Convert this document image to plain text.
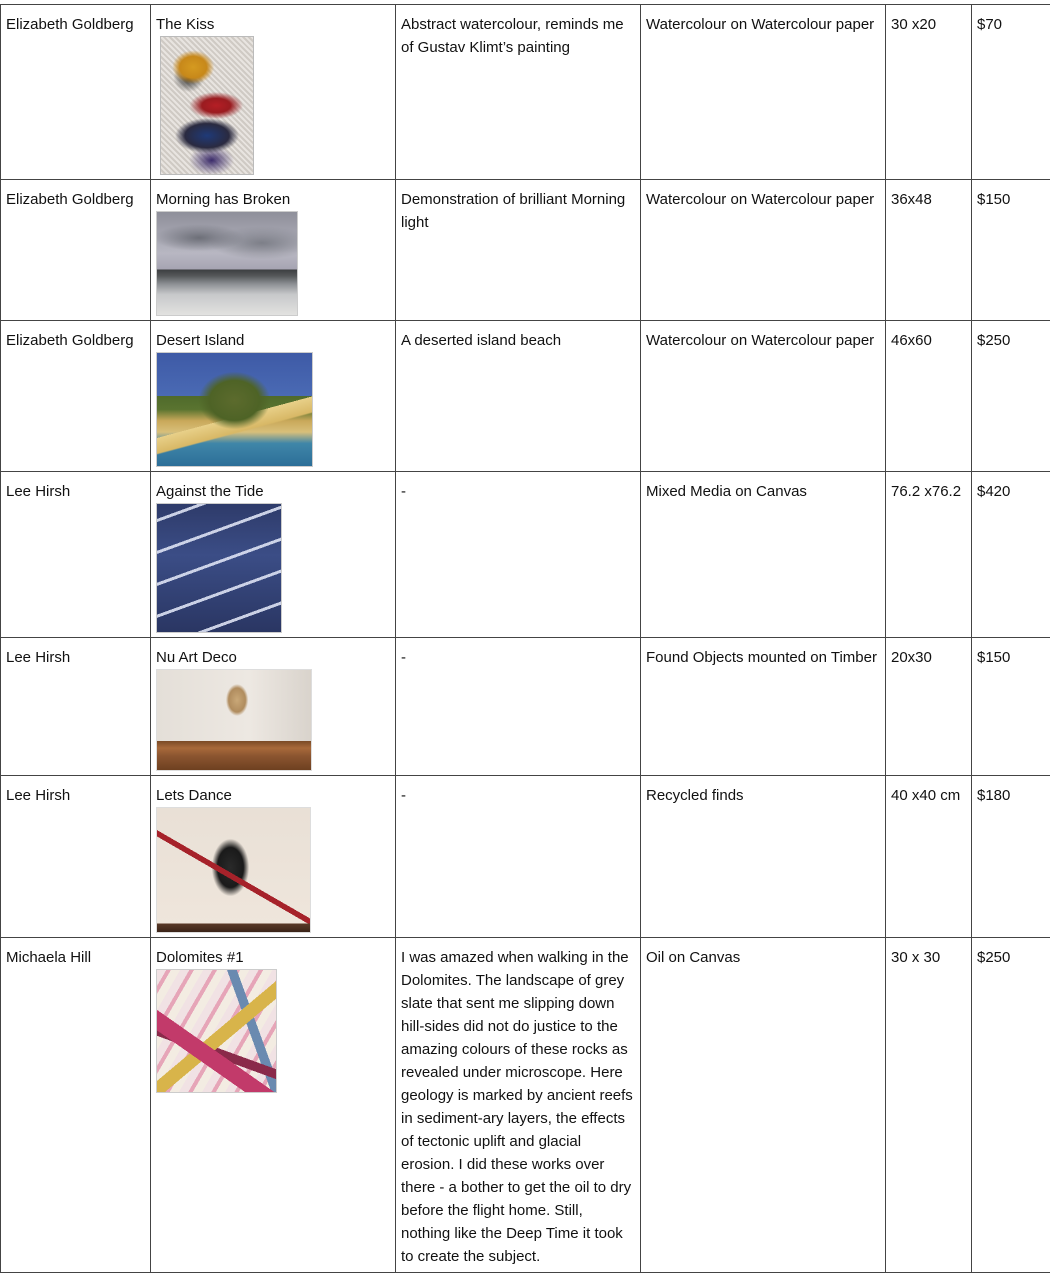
Elizabeth Goldberg	The Kiss	Abstract watercolour, reminds me of Gustav Klimt’s painting	Watercolour on Watercolour paper	30 x20	$70
Elizabeth Goldberg	Morning has Broken	Demonstration of brilliant Morning light	Watercolour on Watercolour paper	36x48	$150
Elizabeth Goldberg	Desert Island	A deserted island beach	Watercolour on Watercolour paper	46x60	$250
Lee Hirsh	Against the Tide	-	Mixed Media on Canvas	76.2 x76.2	$420
Lee Hirsh	Nu Art Deco	-	Found Objects mounted on Timber	20x30	$150
Lee Hirsh	Lets Dance	-	Recycled finds	40 x40 cm	$180
Michaela Hill	Dolomites #1	I was amazed when walking in the Dolomites. The landscape of grey slate that sent me slipping down hill-sides did not do justice to the amazing colours of these rocks as revealed under microscope. Here geology is marked by ancient reefs in sediment-ary layers, the effects of tectonic uplift and glacial erosion. I did these works over there - a bother to get the oil to dry before the flight home. Still, nothing like the Deep Time it took to create the subject.	Oil on Canvas	30 x 30	$250
